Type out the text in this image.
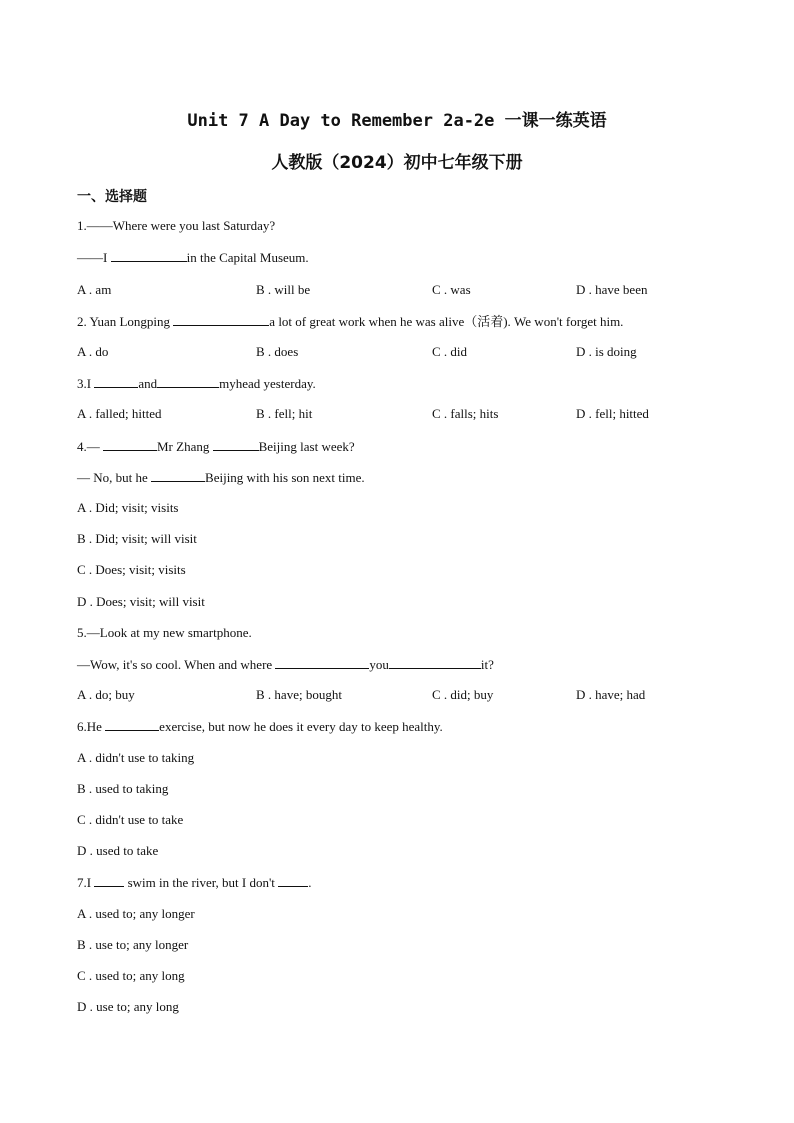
Unit 7 A Day to Remember 2a-2e 一课一练英语
人教版（2024）初中七年级下册
一、选择题
1.——Where were you last Saturday?
——I	in the Capital Museum.
A . am	B . will be	C . was	D . have been
2. Yuan Longping	a lot of great work when he was alive（活着). We won't forget him.
A . do	B . does	C . did	D . is doing
3.I	and	myhead yesterday.
A . falled; hitted	B . fell; hit	C . falls; hits	D . fell; hitted
4.—	Mr Zhang	Beijing last week?
— No, but he	Beijing with his son next time.
A . Did; visit; visits
B . Did; visit; will visit
C . Does; visit; visits
D . Does; visit; will visit
5.—Look at my new smartphone.
—Wow, it's so cool. When and where	you	it?
A . do; buy	B . have; bought	C . did; buy	D . have; had
6.He	exercise, but now he does it every day to keep healthy.
A . didn't use to taking
B . used to taking
C . didn't use to take
D . used to take
7.I  swim in the river, but I don't .
A . used to; any longer
B . use to; any longer
C . used to; any long
D . use to; any long
